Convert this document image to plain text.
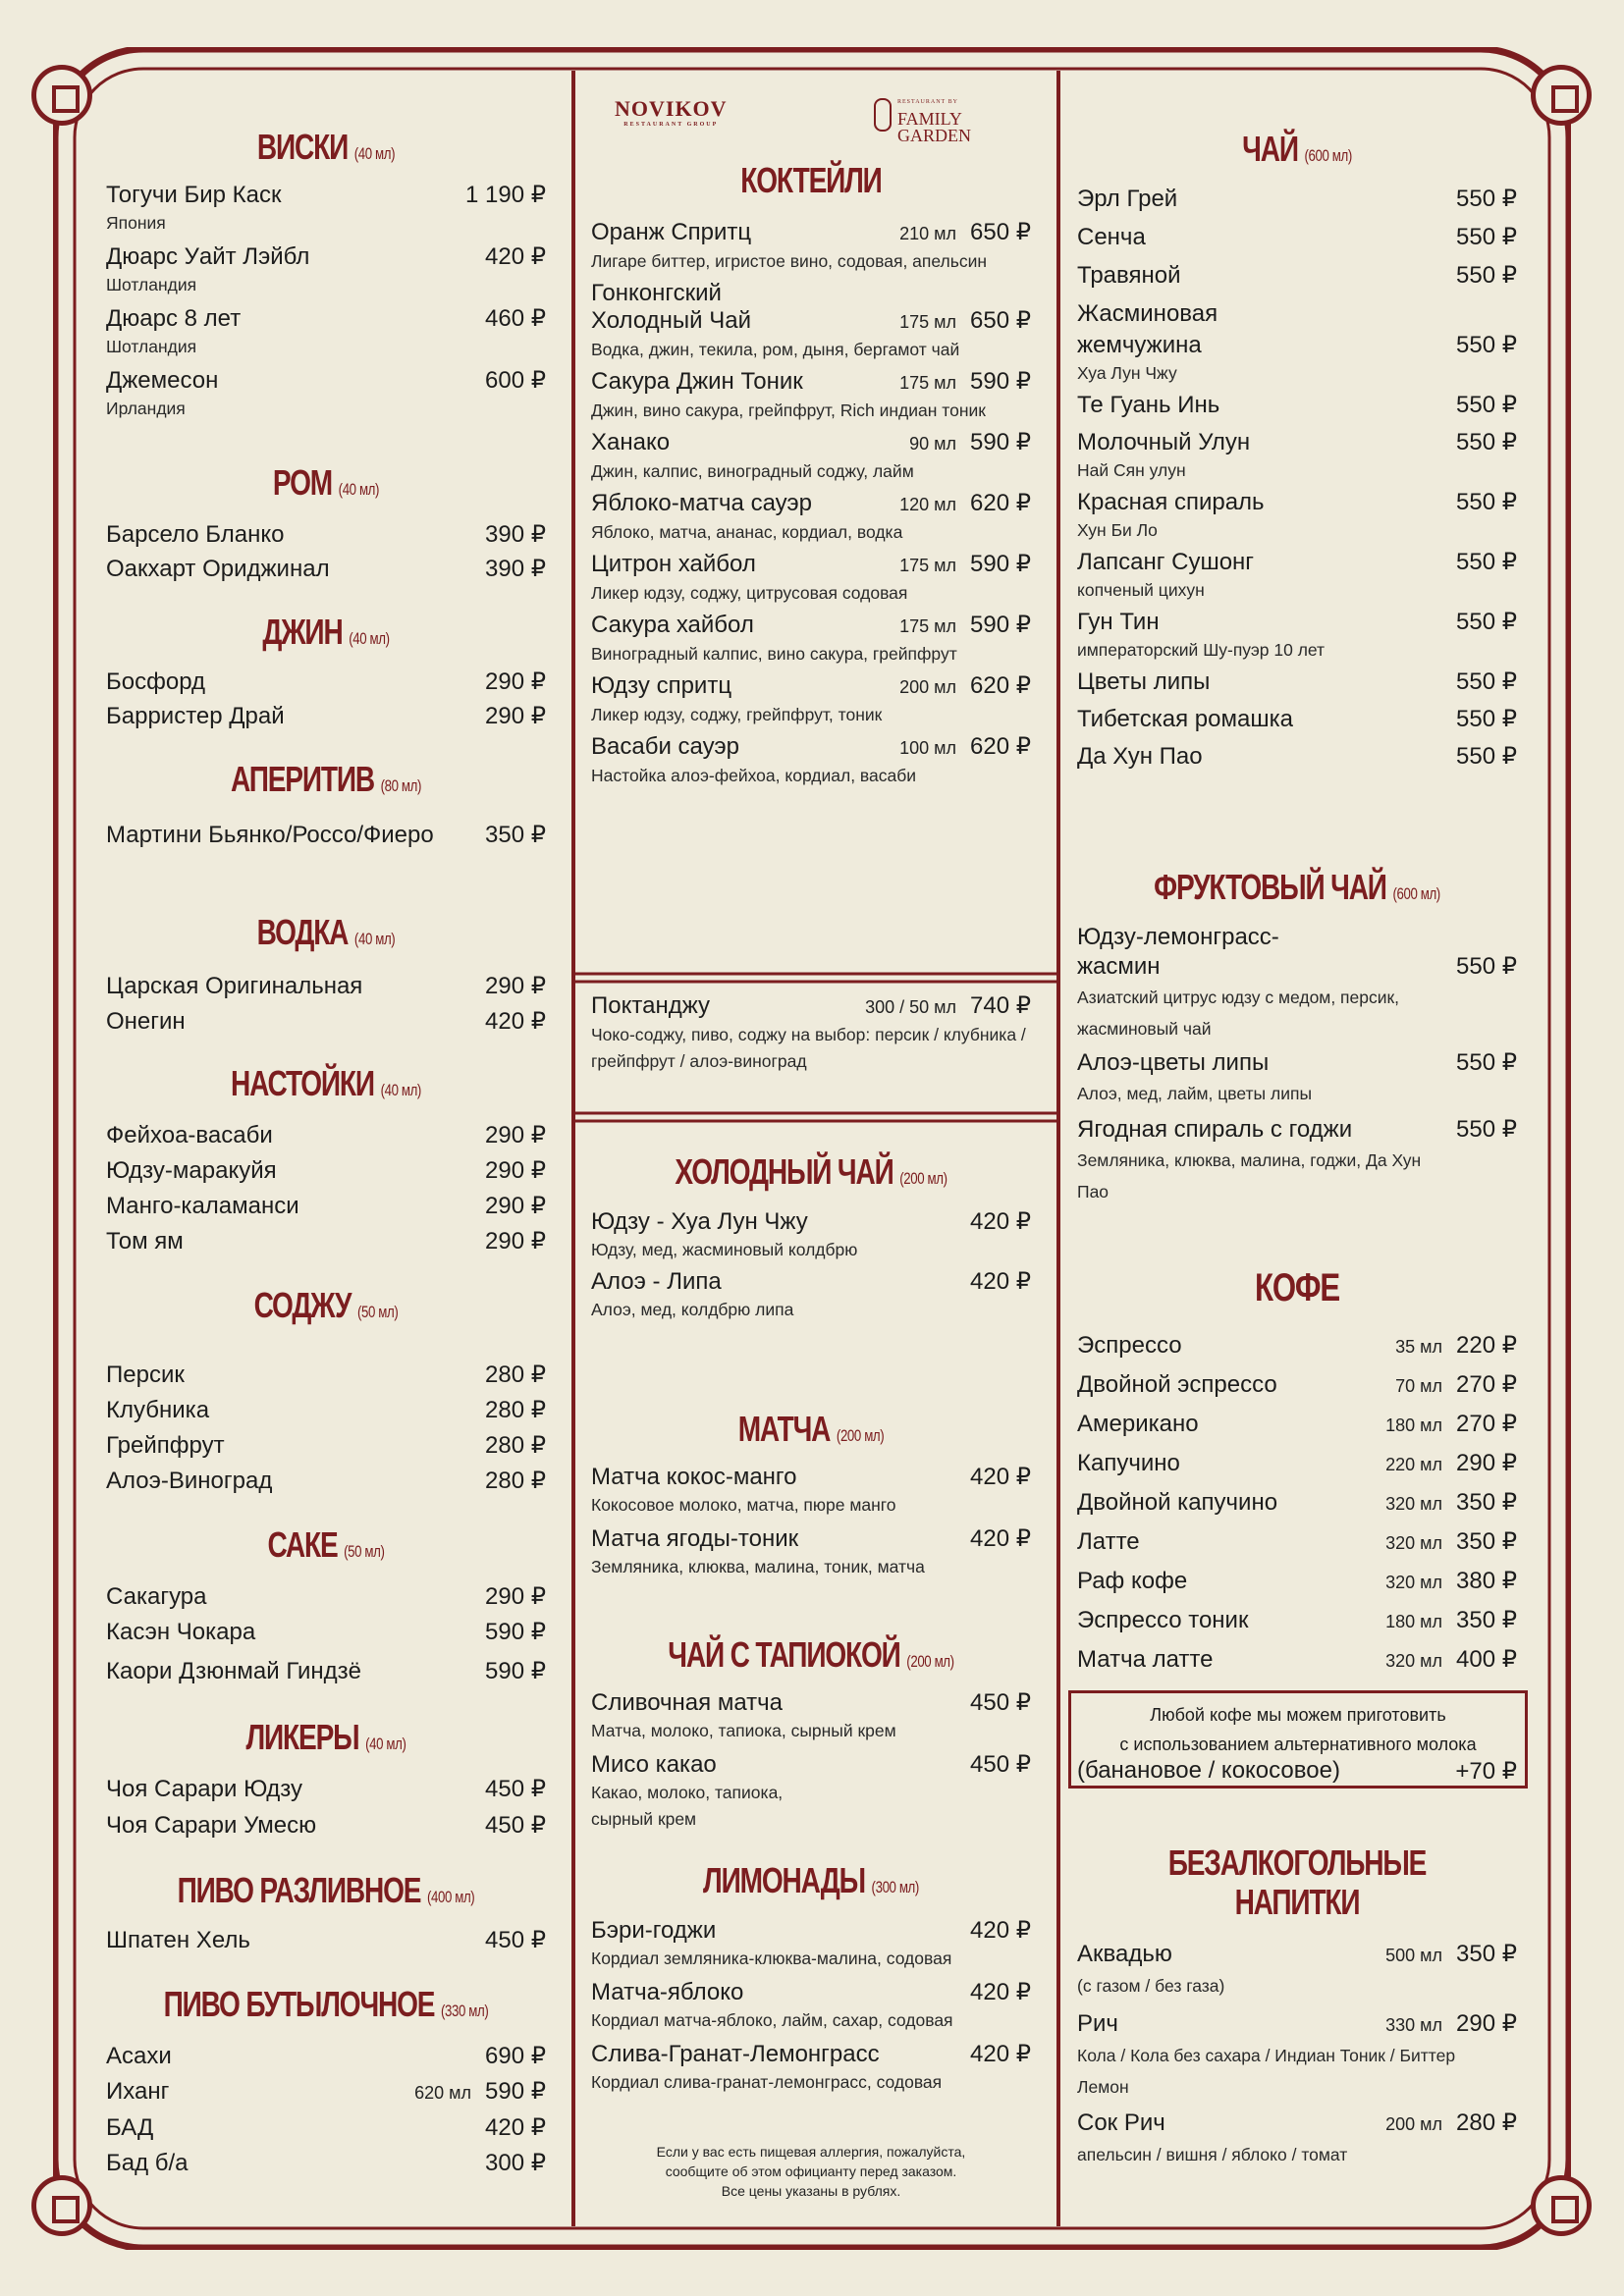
NOVIKOV
RESTAURANT GROUP
RESTAURANT BY
FAMILY
GARDEN
ВИСКИ (40 мл)
Тогучи Бир Каск	1 190 ₽
Япония
Дюарс Уайт Лэйбл	420 ₽
Шотландия
Дюарс 8 лет	460 ₽
Шотландия
Джемесон	600 ₽
Ирландия
РОМ (40 мл)
Барсело Бланко	390 ₽
Оакхарт Ориджинал	390 ₽
ДЖИН (40 мл)
Босфорд	290 ₽
Барристер Драй	290 ₽
АПЕРИТИВ (80 мл)
Мартини Бьянко/Россо/Фиеро	350 ₽
ВОДКА (40 мл)
Царская Оригинальная	290 ₽
Онегин	420 ₽
НАСТОЙКИ (40 мл)
Фейхоа-васаби	290 ₽
Юдзу-маракуйя	290 ₽
Манго-каламанси	290 ₽
Том ям	290 ₽
СОДЖУ (50 мл)
Персик	280 ₽
Клубника	280 ₽
Грейпфрут	280 ₽
Алоэ-Виноград	280 ₽
САКЕ (50 мл)
Сакагура	290 ₽
Касэн Чокара	590 ₽
Каори Дзюнмай Гиндзё	590 ₽
ЛИКЕРЫ (40 мл)
Чоя Сарари Юдзу	450 ₽
Чоя Сарари Умесю	450 ₽
ПИВО РАЗЛИВНОЕ (400 мл)
Шпатен Хель	450 ₽
ПИВО БУТЫЛОЧНОЕ (330 мл)
Асахи	690 ₽
Иханг	620 мл 590 ₽
БАД	420 ₽
Бад б/а	300 ₽
КОКТЕЙЛИ
Оранж Спритц	210 мл 650 ₽
Лигаре биттер, игристое вино, содовая, апельсин
Гонконгский
Холодный Чай	175 мл 650 ₽
Водка, джин, текила, ром, дыня, бергамот чай
Сакура Джин Тоник	175 мл 590 ₽
Джин, вино сакура, грейпфрут, Rich индиан тоник
Ханако	90 мл 590 ₽
Джин, калпис, виноградный соджу, лайм
Яблоко-матча сауэр	120 мл 620 ₽
Яблоко, матча, ананас, кордиал, водка
Цитрон хайбол	175 мл 590 ₽
Ликер юдзу, соджу, цитрусовая содовая
Сакура хайбол	175 мл 590 ₽
Виноградный калпис, вино сакура, грейпфрут
Юдзу спритц	200 мл 620 ₽
Ликер юдзу, соджу, грейпфрут, тоник
Васаби сауэр	100 мл 620 ₽
Настойка алоэ-фейхоа, кордиал, васаби
Поктанджу	300 / 50 мл 740 ₽
Чоко-соджу, пиво, соджу на выбор: персик / клубника / грейпфрут / алоэ-виноград
ХОЛОДНЫЙ ЧАЙ (200 мл)
Юдзу - Хуа Лун Чжу	420 ₽
Юдзу, мед, жасминовый колдбрю
Алоэ - Липа	420 ₽
Алоэ, мед, колдбрю липа
МАТЧА (200 мл)
Матча кокос-манго	420 ₽
Кокосовое молоко, матча, пюре манго
Матча ягоды-тоник	420 ₽
Земляника, клюква, малина, тоник, матча
ЧАЙ С ТАПИОКОЙ (200 мл)
Сливочная матча	450 ₽
Матча, молоко, тапиока, сырный крем
Мисо какао	450 ₽
Какао, молоко, тапиока, сырный крем
ЛИМОНАДЫ (300 мл)
Бэри-годжи	420 ₽
Кордиал земляника-клюква-малина, содовая
Матча-яблоко	420 ₽
Кордиал матча-яблоко, лайм, сахар, содовая
Слива-Гранат-Лемонграсс	420 ₽
Кордиал слива-гранат-лемонграсс, содовая
Если у вас есть пищевая аллергия, пожалуйста,
сообщите об этом официанту перед заказом.
Все цены указаны в рублях.
ЧАЙ (600 мл)
Эрл Грей	550 ₽
Сенча	550 ₽
Травяной	550 ₽
Жасминовая
жемчужина	550 ₽
Хуа Лун Чжу
Те Гуань Инь	550 ₽
Молочный Улун	550 ₽
Най Сян улун
Красная спираль	550 ₽
Хун Би Ло
Лапсанг Сушонг	550 ₽
копченый цихун
Гун Тин	550 ₽
императорский Шу-пуэр 10 лет
Цветы липы	550 ₽
Тибетская ромашка	550 ₽
Да Хун Пао	550 ₽
ФРУКТОВЫЙ ЧАЙ (600 мл)
Юдзу-лемонграсс-
жасмин	550 ₽
Азиатский цитрус юдзу с медом, персик, жасминовый чай
Алоэ-цветы липы	550 ₽
Алоэ, мед, лайм, цветы липы
Ягодная спираль с годжи	550 ₽
Земляника, клюква, малина, годжи, Да Хун Пао
КОФЕ
Эспрессо	35 мл 220 ₽
Двойной эспрессо	70 мл 270 ₽
Американо	180 мл 270 ₽
Капучино	220 мл 290 ₽
Двойной капучино	320 мл 350 ₽
Латте	320 мл 350 ₽
Раф кофе	320 мл 380 ₽
Эспрессо тоник	180 мл 350 ₽
Матча латте	320 мл 400 ₽
БЕЗАЛКОГОЛЬНЫЕ НАПИТКИ
Аквадью	500 мл 350 ₽
(с газом / без газа)
Рич	330 мл 290 ₽
Кола / Кола без сахара / Индиан Тоник / Биттер Лемон
Сок Рич	200 мл 280 ₽
апельсин / вишня / яблоко / томат
Любой кофе мы можем приготовить
с использованием альтернативного молока
(банановое / кокосовое)	+70 ₽
